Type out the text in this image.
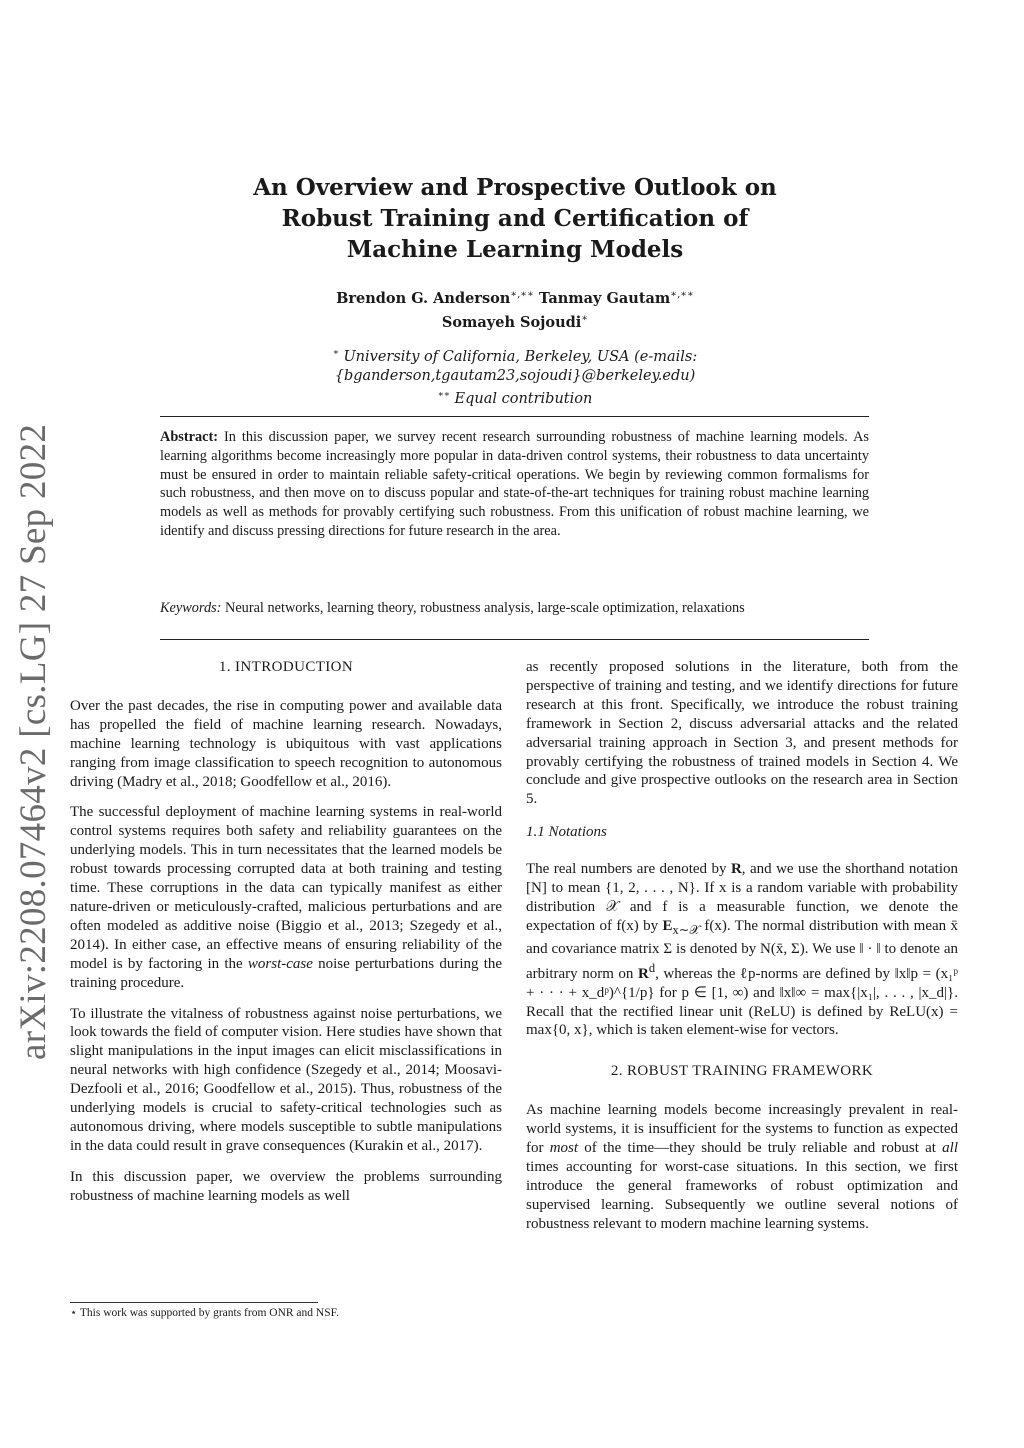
arXiv:2208.07464v2 [cs.LG] 27 Sep 2022
An Overview and Prospective Outlook on
Robust Training and Certification of
Machine Learning Models
Brendon G. Anderson∗,∗∗ Tanmay Gautam∗,∗∗
Somayeh Sojoudi∗
∗ University of California, Berkeley, USA (e-mails:
{bganderson,tgautam23,sojoudi}@berkeley.edu)
∗∗ Equal contribution
Abstract: In this discussion paper, we survey recent research surrounding robustness of machine learning models. As learning algorithms become increasingly more popular in data-driven control systems, their robustness to data uncertainty must be ensured in order to maintain reliable safety-critical operations. We begin by reviewing common formalisms for such robustness, and then move on to discuss popular and state-of-the-art techniques for training robust machine learning models as well as methods for provably certifying such robustness. From this unification of robust machine learning, we identify and discuss pressing directions for future research in the area.
Keywords: Neural networks, learning theory, robustness analysis, large-scale optimization, relaxations
1. INTRODUCTION

Over the past decades, the rise in computing power and available data has propelled the field of machine learning research. Nowadays, machine learning technology is ubiquitous with vast applications ranging from image classification to speech recognition to autonomous driving (Madry et al., 2018; Goodfellow et al., 2016).

The successful deployment of machine learning systems in real-world control systems requires both safety and reliability guarantees on the underlying models. This in turn necessitates that the learned models be robust towards processing corrupted data at both training and testing time. These corruptions in the data can typically manifest as either nature-driven or meticulously-crafted, malicious perturbations and are often modeled as additive noise (Biggio et al., 2013; Szegedy et al., 2014). In either case, an effective means of ensuring reliability of the model is by factoring in the worst-case noise perturbations during the training procedure.

To illustrate the vitalness of robustness against noise perturbations, we look towards the field of computer vision. Here studies have shown that slight manipulations in the input images can elicit misclassifications in neural networks with high confidence (Szegedy et al., 2014; Moosavi-Dezfooli et al., 2016; Goodfellow et al., 2015). Thus, robustness of the underlying models is crucial to safety-critical technologies such as autonomous driving, where models susceptible to subtle manipulations in the data could result in grave consequences (Kurakin et al., 2017).

In this discussion paper, we overview the problems surrounding robustness of machine learning models as well

⋆ This work was supported by grants from ONR and NSF.

as recently proposed solutions in the literature, both from the perspective of training and testing, and we identify directions for future research at this front. Specifically, we introduce the robust training framework in Section 2, discuss adversarial attacks and the related adversarial training approach in Section 3, and present methods for provably certifying the robustness of trained models in Section 4. We conclude and give prospective outlooks on the research area in Section 5.

1.1 Notations

The real numbers are denoted by R, and we use the shorthand notation [N] to mean {1, 2, . . . , N}. If x is a random variable with probability distribution 𝒳 and f is a measurable function, we denote the expectation of f(x) by $E_{x\sim 𝒳}$ f(x). The normal distribution with mean x̄ and covariance matrix Σ is denoted by N(x̄, Σ). We use ‖ · ‖ to denote an arbitrary norm on $R^d$, whereas the ℓp-norms are defined by ‖x‖p = (x₁ᵖ + · · · + x_dᵖ)^{1/p} for p ∈ [1, ∞) and ‖x‖∞ = max{|x₁|, . . . , |x_d|}. Recall that the rectified linear unit (ReLU) is defined by ReLU(x) = max{0, x}, which is taken element-wise for vectors.

2. ROBUST TRAINING FRAMEWORK

As machine learning models become increasingly prevalent in real-world systems, it is insufficient for the systems to function as expected for most of the time—they should be truly reliable and robust at all times accounting for worst-case situations. In this section, we first introduce the general frameworks of robust optimization and supervised learning. Subsequently we outline several notions of robustness relevant to modern machine learning systems.
